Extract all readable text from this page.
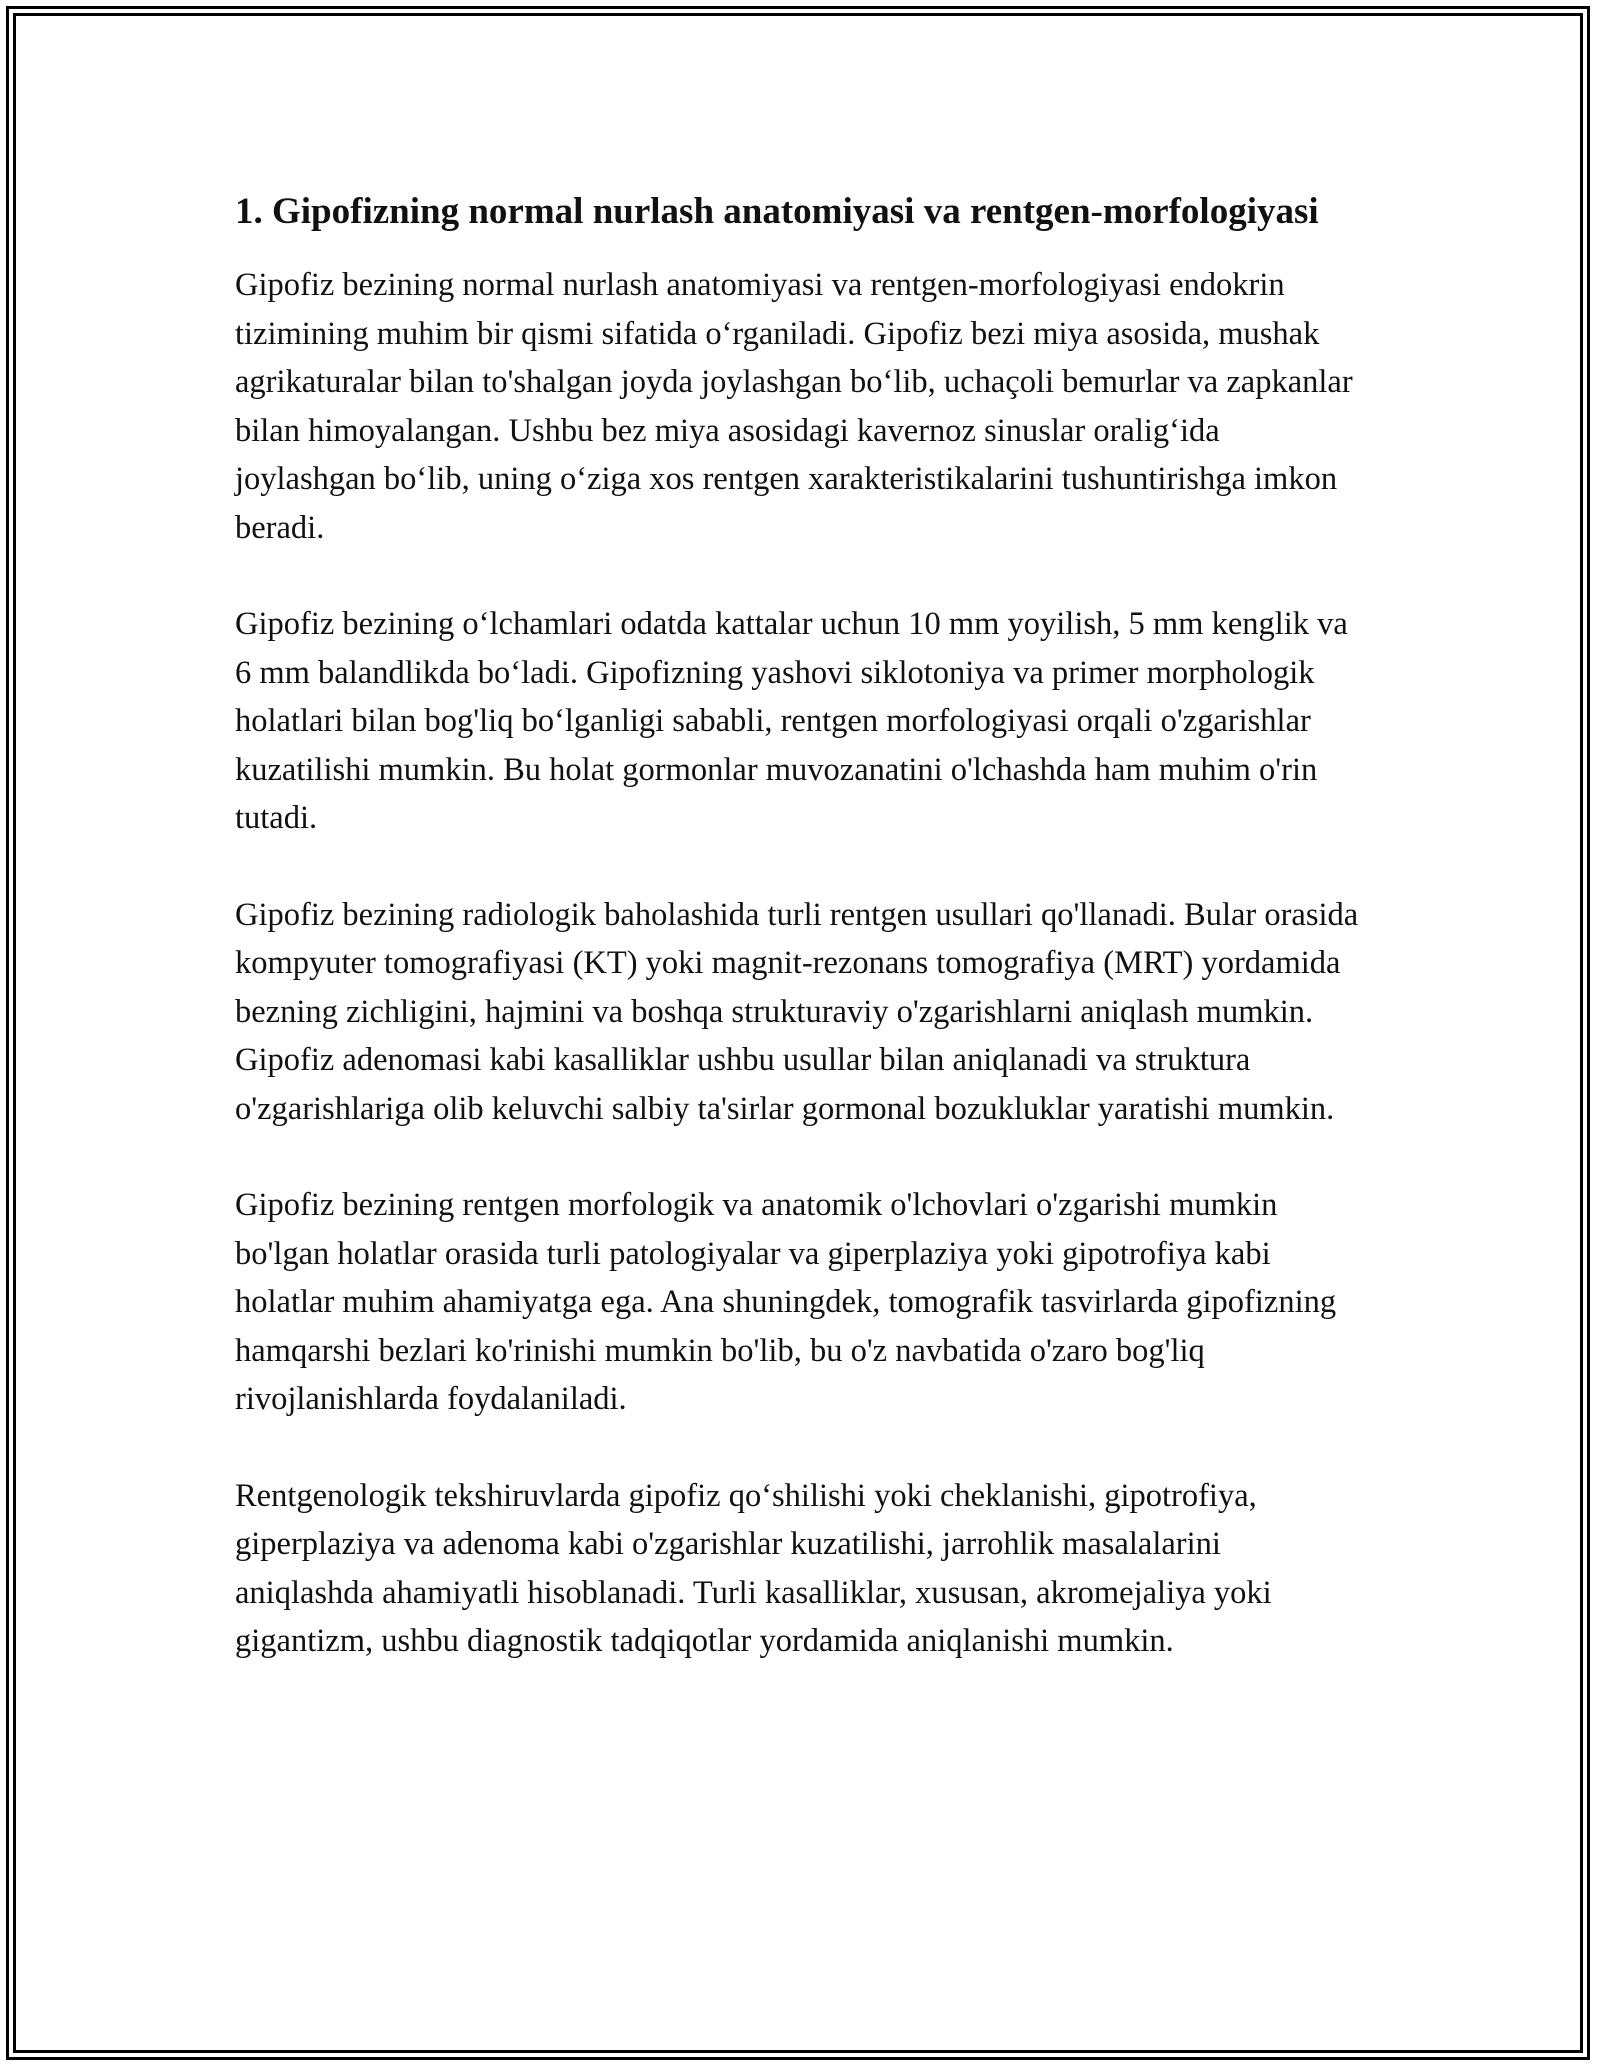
1. Gipofizning normal nurlash anatomiyasi va rentgen-morfologiyasi

Gipofiz bezining normal nurlash anatomiyasi va rentgen-morfologiyasi endokrin tizimining muhim bir qismi sifatida oʻrganiladi. Gipofiz bezi miya asosida, mushak agrikaturalar bilan to'shalgan joyda joylashgan boʻlib, uchaçoli bemurlar va zapkanlar bilan himoyalangan. Ushbu bez miya asosidagi kavernoz sinuslar oraligʻida joylashgan boʻlib, uning oʻziga xos rentgen xarakteristikalarini tushuntirishga imkon beradi.

Gipofiz bezining oʻlchamlari odatda kattalar uchun 10 mm yoyilish, 5 mm kenglik va 6 mm balandlikda boʻladi. Gipofizning yashovi siklotoniya va primer morphologik holatlari bilan bog'liq boʻlganligi sababli, rentgen morfologiyasi orqali o'zgarishlar kuzatilishi mumkin. Bu holat gormonlar muvozanatini o'lchashda ham muhim o'rin tutadi.

Gipofiz bezining radiologik baholashida turli rentgen usullari qo'llanadi. Bular orasida kompyuter tomografiyasi (KT) yoki magnit-rezonans tomografiya (MRT) yordamida bezning zichligini, hajmini va boshqa strukturaviy o'zgarishlarni aniqlash mumkin. Gipofiz adenomasi kabi kasalliklar ushbu usullar bilan aniqlanadi va struktura o'zgarishlariga olib keluvchi salbiy ta'sirlar gormonal bozukluklar yaratishi mumkin.

Gipofiz bezining rentgen morfologik va anatomik o'lchovlari o'zgarishi mumkin bo'lgan holatlar orasida turli patologiyalar va giperplaziya yoki gipotrofiya kabi holatlar muhim ahamiyatga ega. Ana shuningdek, tomografik tasvirlarda gipofizning hamqarshi bezlari ko'rinishi mumkin bo'lib, bu o'z navbatida o'zaro bog'liq rivojlanishlarda foydalaniladi.

Rentgenologik tekshiruvlarda gipofiz qoʻshilishi yoki cheklanishi, gipotrofiya, giperplaziya va adenoma kabi o'zgarishlar kuzatilishi, jarrohlik masalalarini aniqlashda ahamiyatli hisoblanadi. Turli kasalliklar, xususan, akromejaliya yoki gigantizm, ushbu diagnostik tadqiqotlar yordamida aniqlanishi mumkin.
